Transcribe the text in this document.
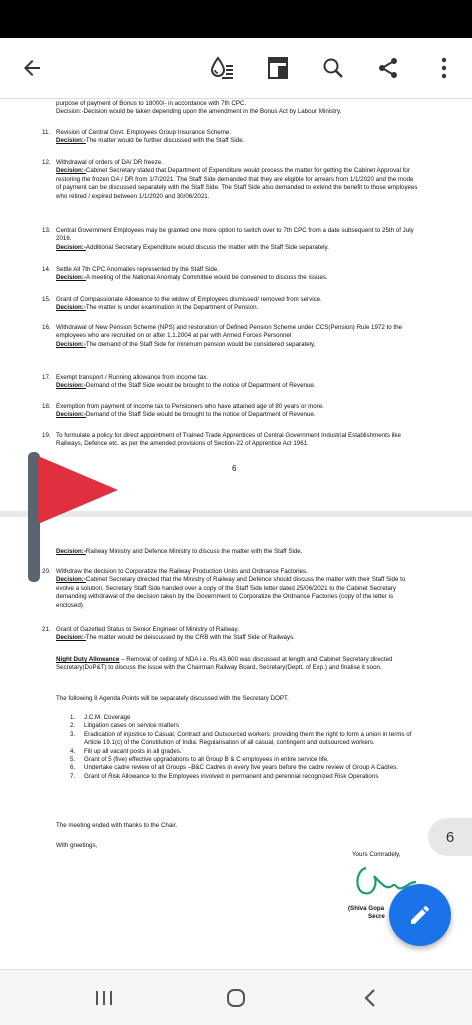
purpose of payment of Bonus to 18000/- in accordance with 7th CPC.
Decision:-Decision would be taken depending upon the amendment in the Bonus Act by Labour Ministry.
11. Revision of Central Govt. Employees Group Insurance Scheme.
Decision:-The matter would be further discussed with the Staff Side.
12. Withdrawal of orders of DA/ DR freeze.
Decision:-Cabinet Secretary stated that Department of Expenditure would process the matter for getting the Cabinet Approval for restoring the frozen DA / DR from 1/7/2021. The Staff Side demanded that they are eligible for arrears from 1/1/2020 and the mode of payment can be discussed separately with the Staff Side. The Staff Side also demanded to extend the benefit to those employees who retired / expired between 1/1/2020 and 30/06/2021.
13. Central Government Employees may be granted one more option to switch over to 7th CPC from a date subsequent to 25th of July 2016.
Decision:-Additional Secretary Expenditure would discuss the matter with the Staff Side separately.
14. Settle All 7th CPC Anomalies represented by the Staff Side.
Decision:-A meeting of the National Anomaly Committee would be convened to discuss the issues.
15. Grant of Compassionate Allowance to the widow of Employees dismissed/ removed from service.
Decision:-The matter is under examination in the Department of Pension.
16. Withdrawal of New Pension Scheme (NPS) and restoration of Defined Pension Scheme under CCS(Pension) Rule 1972 to the employees who are recruited on or after 1.1.2004 at par with Armed Forces Personnel
Decision:-The demand of the Staff Side for minimum pension would be considered separately.
17. Exempt transport / Running allowance from income tax.
Decision:-Demand of the Staff Side would be brought to the notice of Department of Revenue.
18. Exemption from payment of income tax to Pensioners who have attained age of 80 years or more.
Decision:-Demand of the Staff Side would be brought to the notice of Department of Revenue.
19. To formulate a policy for direct appointment of Trained Trade Apprentices of Central Government Industrial Establishments like Railways, Defence etc. as per the amended provisions of Section-22 of Apprentice Act 1961.
6
Decision:-Railway Ministry and Defence Ministry to discuss the matter with the Staff Side.
20. Withdraw the decision to Corporatize the Railway Production Units and Ordnance Factories.
Decision:-Cabinet Secretary directed that the Ministry of Railway and Defence should discuss the matter with their Staff Side to evolve a solution. Secretary Staff Side handed over a copy of the Staff Side letter dated 25/06/2021 to the Cabinet Secretary demanding withdrawal of the decision taken by the Government to Corporatize the Ordnance Factories (copy of the letter is enclosed).
21. Grant of Gazetted Status to Senior Engineer of Ministry of Railway.
Decision:-The matter would be deiscussed by the CRB with the Staff Side of Railways.
Night Duty Allowance – Removal of ceiling of NDA i.e. Rs.43,600 was discussed at length and Cabinet Secretary directed Secretary(DoP&T) to discuss the issue with the Chairman Railway Board, Secretary(Deptt. of Exp.) and finalise it soon.
The following 8 Agenda Points will be separately discussed with the Secretary DOPT.
1. J.C.M. Coverage
2. Litigation cases on service matters
3. Eradication of injustice to Casual, Contract and Outsourced workers: providing them the right to form a union in terms of Article 19.1(c) of the Constitution of India: Regularisation of all casual, contingent and outsourced workers.
4. Fill up all vacant posts in all grades.
5. Grant of 5 (five) effective upgradations to all Group B & C employees in entire service life.
6. Undertake cadre review of all Groups –B&C Cadres in every five years before the cadre review of Group A Cadres.
7. Grant of Risk Allowance to the Employees involved in permanent and perennial recognized Risk Operations
The meeting ended with thanks to the Chair.
With greetings,
Yours Comradely,
(Shiva Gopa
Secre
6
